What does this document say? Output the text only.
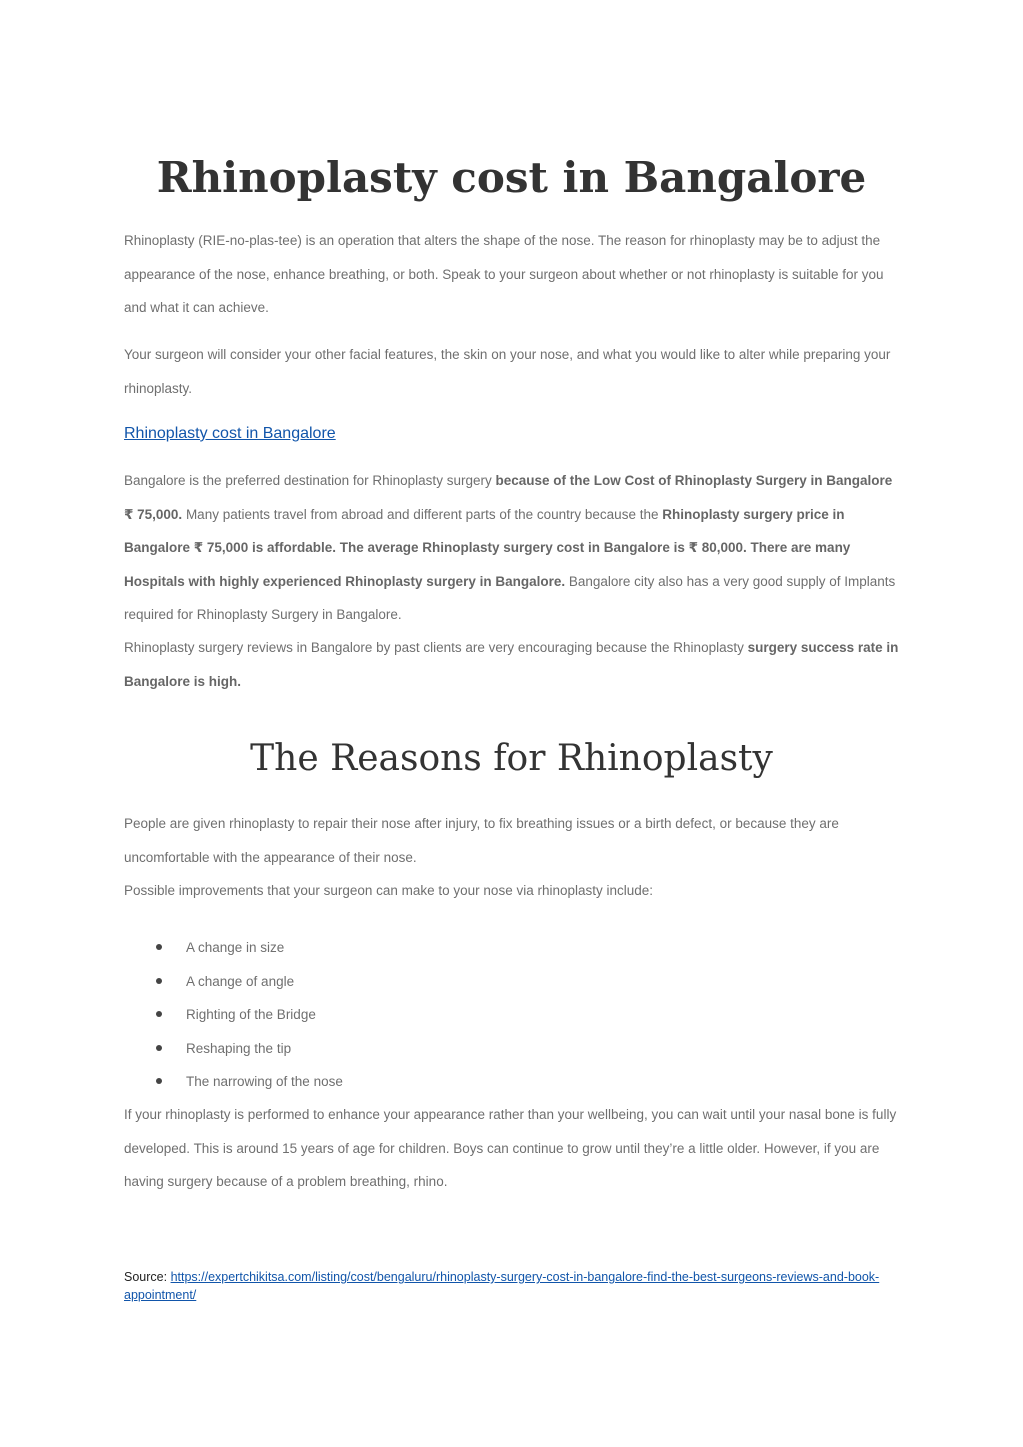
Rhinoplasty cost in Bangalore

Rhinoplasty (RIE-no-plas-tee) is an operation that alters the shape of the nose. The reason for rhinoplasty may be to adjust the appearance of the nose, enhance breathing, or both. Speak to your surgeon about whether or not rhinoplasty is suitable for you and what it can achieve.

Your surgeon will consider your other facial features, the skin on your nose, and what you would like to alter while preparing your rhinoplasty.

Rhinoplasty cost in Bangalore

Bangalore is the preferred destination for Rhinoplasty surgery because of the Low Cost of Rhinoplasty Surgery in Bangalore ₹ 75,000. Many patients travel from abroad and different parts of the country because the Rhinoplasty surgery price in Bangalore ₹ 75,000 is affordable. The average Rhinoplasty surgery cost in Bangalore is ₹ 80,000. There are many Hospitals with highly experienced Rhinoplasty surgery in Bangalore. Bangalore city also has a very good supply of Implants required for Rhinoplasty Surgery in Bangalore.

Rhinoplasty surgery reviews in Bangalore by past clients are very encouraging because the Rhinoplasty surgery success rate in Bangalore is high.

The Reasons for Rhinoplasty
People are given rhinoplasty to repair their nose after injury, to fix breathing issues or a birth defect, or because they are uncomfortable with the appearance of their nose.
Possible improvements that your surgeon can make to your nose via rhinoplasty include:
A change in size
A change of angle
Righting of the Bridge
Reshaping the tip
The narrowing of the nose

If your rhinoplasty is performed to enhance your appearance rather than your wellbeing, you can wait until your nasal bone is fully developed. This is around 15 years of age for children. Boys can continue to grow until they’re a little older. However, if you are having surgery because of a problem breathing, rhino.

Source: https://expertchikitsa.com/listing/cost/bengaluru/rhinoplasty-surgery-cost-in-bangalore-find-the-best-surgeons-reviews-and-book-appointment/
